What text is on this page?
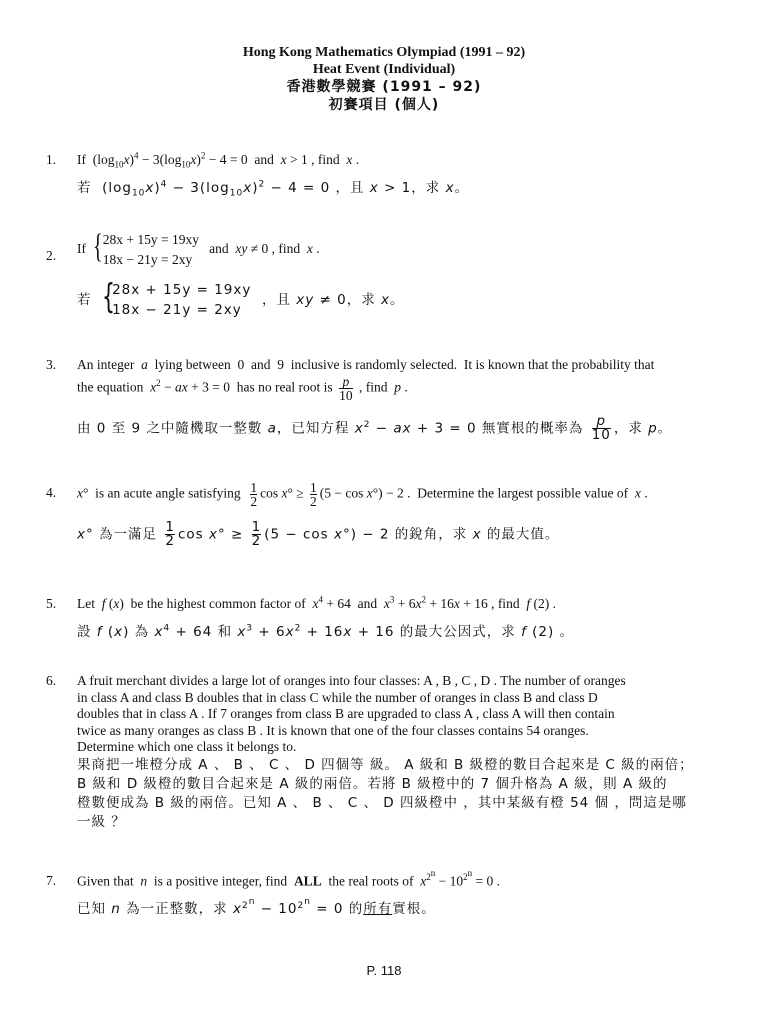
Hong Kong Mathematics Olympiad (1991 – 92)
Heat Event (Individual)
香港數學競賽 (1991 – 92)
初賽項目 (個人)
1. If  $(\log_{10}x)^4 - 3(\log_{10}x)^2 - 4 = 0$  and  x > 1 , find  x .
若  $(\log_{10}x)^4 - 3(\log_{10}x)^2 - 4 = 0$ ，且 x > 1，求 x。
2. If { 28x + 15y = 19xy
18x − 21y = 2xy
and  xy ≠ 0 , find  x .
若 {
28x + 15y = 19xy
18x − 21y = 2xy
，且 xy ≠ 0，求 x。
3. An integer  a  lying between  0  and  9  inclusive is randomly selected.  It is known that the probability that
the equation  $x^2$ − ax + 3 = 0  has no real root is $\frac{p}{10}$ , find  p .
由 0 至 9 之中隨機取一整數 a，已知方程 $x^2$ − ax + 3 = 0 無實根的概率為 $\frac{p}{10}$ ，求 p。
4. x°  is an acute angle satisfying $\frac{1}{2}$ $\cos x^\circ \ge \frac{1}{2} (5 - \cos x^\circ) - 2$ .  Determine the largest possible value of  x .
x° 為一滿足 $\frac{1}{2}$ $\cos x^\circ \ge \frac{1}{2} (5 - \cos x^\circ) - 2$ 的銳角，求 x 的最大值。
5. Let  f (x)  be the highest common factor of  $x^4 + 64$  and  $x^3 + 6x^2 + 16x + 16$ , find  f (2) .
設 f (x) 為 $x^4 + 64$ 和 $x^3 + 6x^2 + 16x + 16$ 的最大公因式，求 f (2) 。
6. A fruit merchant divides a large lot of oranges into four classes: A , B , C , D . The number of oranges
in class A and class B doubles that in class C while the number of oranges in class B and class D
doubles that in class A . If 7 oranges from class B are upgraded to class A , class A will then contain
twice as many oranges as class B . It is known that one of the four classes contains 54 oranges.
Determine which one class it belongs to.
果商把一堆橙分成 A 、 B 、 C 、 D 四個等 級。 A 級和 B 級橙的數目合起來是 C 級的兩倍；
B 級和 D 級橙的數目合起來是 A 級的兩倍。若將 B 級橙中的 7 個升格為 A 級，則 A 級的
橙數便成為 B 級的兩倍。已知 A 、 B 、 C 、 D 四級橙中 ，其中某級有橙 54 個 ，問這是哪
一級 ？
7. Given that  n  is a positive integer, find  ALL  the real roots of  $x^{2^n} - 10^{2^n} = 0$ .
已知 n 為一正整數，求 $x^{2^n} - 10^{2^n} = 0$ 的所有實根。
P. 118
